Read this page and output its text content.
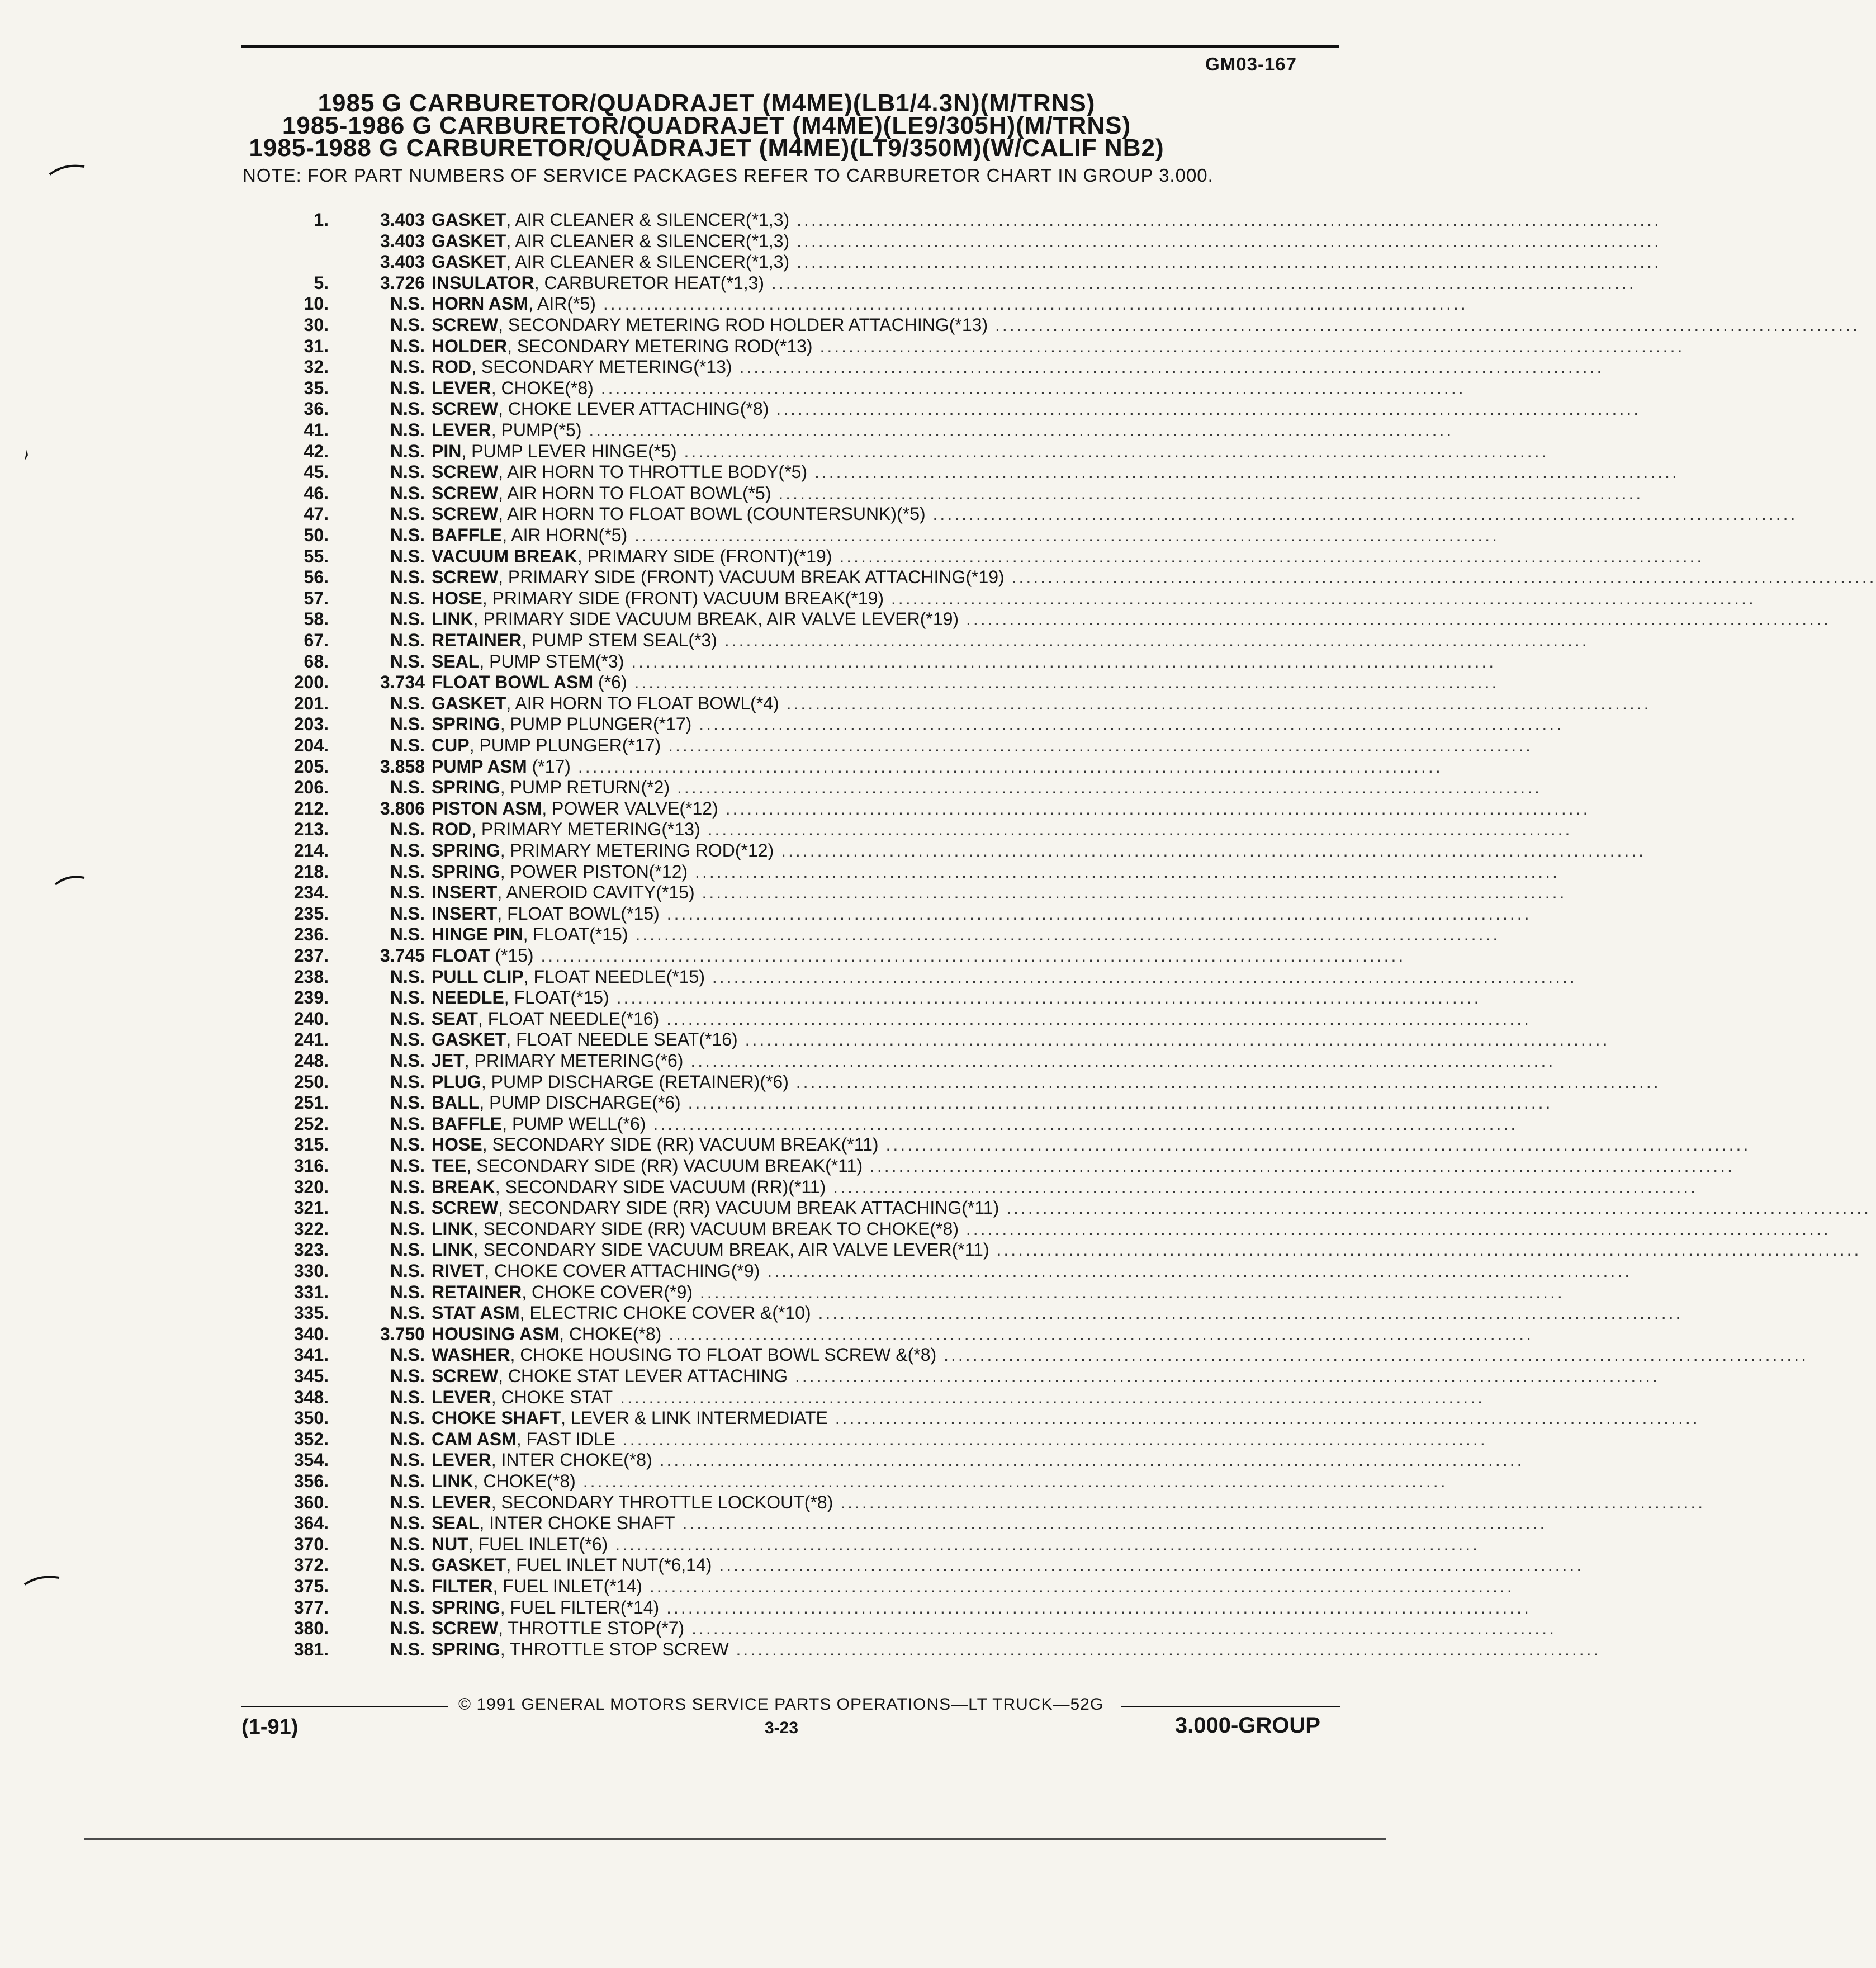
GM03-167
1985 G CARBURETOR/QUADRAJET (M4ME)(LB1/4.3N)(M/TRNS)
1985-1986 G CARBURETOR/QUADRAJET (M4ME)(LE9/305H)(M/TRNS)
1985-1988 G CARBURETOR/QUADRAJET (M4ME)(LT9/350M)(W/CALIF NB2)
NOTE: FOR PART NUMBERS OF SERVICE PACKAGES REFER TO CARBURETOR CHART IN GROUP 3.000.
1.	3.403 GASKET, AIR CLEANER & SILENCER(*1,3) ........................................................................................................................
3.403 GASKET, AIR CLEANER & SILENCER(*1,3) ........................................................................................................................
3.403 GASKET, AIR CLEANER & SILENCER(*1,3) ........................................................................................................................
5.	3.726 INSULATOR, CARBURETOR HEAT(*1,3) ........................................................................................................................
10.	N.S. HORN ASM, AIR(*5) ........................................................................................................................
30.	N.S. SCREW, SECONDARY METERING ROD HOLDER ATTACHING(*13) ........................................................................................................................
31.	N.S. HOLDER, SECONDARY METERING ROD(*13) ........................................................................................................................
32.	N.S. ROD, SECONDARY METERING(*13) ........................................................................................................................
35.	N.S. LEVER, CHOKE(*8) ........................................................................................................................
36.	N.S. SCREW, CHOKE LEVER ATTACHING(*8) ........................................................................................................................
41.	N.S. LEVER, PUMP(*5) ........................................................................................................................
42.	N.S. PIN, PUMP LEVER HINGE(*5) ........................................................................................................................
45.	N.S. SCREW, AIR HORN TO THROTTLE BODY(*5) ........................................................................................................................
46.	N.S. SCREW, AIR HORN TO FLOAT BOWL(*5) ........................................................................................................................
47.	N.S. SCREW, AIR HORN TO FLOAT BOWL (COUNTERSUNK)(*5) ........................................................................................................................
50.	N.S. BAFFLE, AIR HORN(*5) ........................................................................................................................
55.	N.S. VACUUM BREAK, PRIMARY SIDE (FRONT)(*19) ........................................................................................................................
56.	N.S. SCREW, PRIMARY SIDE (FRONT) VACUUM BREAK ATTACHING(*19) ........................................................................................................................
57.	N.S. HOSE, PRIMARY SIDE (FRONT) VACUUM BREAK(*19) ........................................................................................................................
58.	N.S. LINK, PRIMARY SIDE VACUUM BREAK, AIR VALVE LEVER(*19) ........................................................................................................................
67.	N.S. RETAINER, PUMP STEM SEAL(*3) ........................................................................................................................
68.	N.S. SEAL, PUMP STEM(*3) ........................................................................................................................
200.	3.734 FLOAT BOWL ASM (*6) ........................................................................................................................
201.	N.S. GASKET, AIR HORN TO FLOAT BOWL(*4) ........................................................................................................................
203.	N.S. SPRING, PUMP PLUNGER(*17) ........................................................................................................................
204.	N.S. CUP, PUMP PLUNGER(*17) ........................................................................................................................
205.	3.858 PUMP ASM (*17) ........................................................................................................................
206.	N.S. SPRING, PUMP RETURN(*2) ........................................................................................................................
212.	3.806 PISTON ASM, POWER VALVE(*12) ........................................................................................................................
213.	N.S. ROD, PRIMARY METERING(*13) ........................................................................................................................
214.	N.S. SPRING, PRIMARY METERING ROD(*12) ........................................................................................................................
218.	N.S. SPRING, POWER PISTON(*12) ........................................................................................................................
234.	N.S. INSERT, ANEROID CAVITY(*15) ........................................................................................................................
235.	N.S. INSERT, FLOAT BOWL(*15) ........................................................................................................................
236.	N.S. HINGE PIN, FLOAT(*15) ........................................................................................................................
237.	3.745 FLOAT (*15) ........................................................................................................................
238.	N.S. PULL CLIP, FLOAT NEEDLE(*15) ........................................................................................................................
239.	N.S. NEEDLE, FLOAT(*15) ........................................................................................................................
240.	N.S. SEAT, FLOAT NEEDLE(*16) ........................................................................................................................
241.	N.S. GASKET, FLOAT NEEDLE SEAT(*16) ........................................................................................................................
248.	N.S. JET, PRIMARY METERING(*6) ........................................................................................................................
250.	N.S. PLUG, PUMP DISCHARGE (RETAINER)(*6) ........................................................................................................................
251.	N.S. BALL, PUMP DISCHARGE(*6) ........................................................................................................................
252.	N.S. BAFFLE, PUMP WELL(*6) ........................................................................................................................
315.	N.S. HOSE, SECONDARY SIDE (RR) VACUUM BREAK(*11) ........................................................................................................................
316.	N.S. TEE, SECONDARY SIDE (RR) VACUUM BREAK(*11) ........................................................................................................................
320.	N.S. BREAK, SECONDARY SIDE VACUUM (RR)(*11) ........................................................................................................................
321.	N.S. SCREW, SECONDARY SIDE (RR) VACUUM BREAK ATTACHING(*11) ........................................................................................................................
322.	N.S. LINK, SECONDARY SIDE (RR) VACUUM BREAK TO CHOKE(*8) ........................................................................................................................
323.	N.S. LINK, SECONDARY SIDE VACUUM BREAK, AIR VALVE LEVER(*11) ........................................................................................................................
330.	N.S. RIVET, CHOKE COVER ATTACHING(*9) ........................................................................................................................
331.	N.S. RETAINER, CHOKE COVER(*9) ........................................................................................................................
335.	N.S. STAT ASM, ELECTRIC CHOKE COVER &(*10) ........................................................................................................................
340.	3.750 HOUSING ASM, CHOKE(*8) ........................................................................................................................
341.	N.S. WASHER, CHOKE HOUSING TO FLOAT BOWL SCREW &(*8) ........................................................................................................................
345.	N.S. SCREW, CHOKE STAT LEVER ATTACHING ........................................................................................................................
348.	N.S. LEVER, CHOKE STAT ........................................................................................................................
350.	N.S. CHOKE SHAFT, LEVER & LINK INTERMEDIATE ........................................................................................................................
352.	N.S. CAM ASM, FAST IDLE ........................................................................................................................
354.	N.S. LEVER, INTER CHOKE(*8) ........................................................................................................................
356.	N.S. LINK, CHOKE(*8) ........................................................................................................................
360.	N.S. LEVER, SECONDARY THROTTLE LOCKOUT(*8) ........................................................................................................................
364.	N.S. SEAL, INTER CHOKE SHAFT ........................................................................................................................
370.	N.S. NUT, FUEL INLET(*6) ........................................................................................................................
372.	N.S. GASKET, FUEL INLET NUT(*6,14) ........................................................................................................................
375.	N.S. FILTER, FUEL INLET(*14) ........................................................................................................................
377.	N.S. SPRING, FUEL FILTER(*14) ........................................................................................................................
380.	N.S. SCREW, THROTTLE STOP(*7) ........................................................................................................................
381.	N.S. SPRING, THROTTLE STOP SCREW ........................................................................................................................
© 1991 GENERAL MOTORS SERVICE PARTS OPERATIONS—LT TRUCK—52G
(1-91)	3-23	3.000-GROUP
